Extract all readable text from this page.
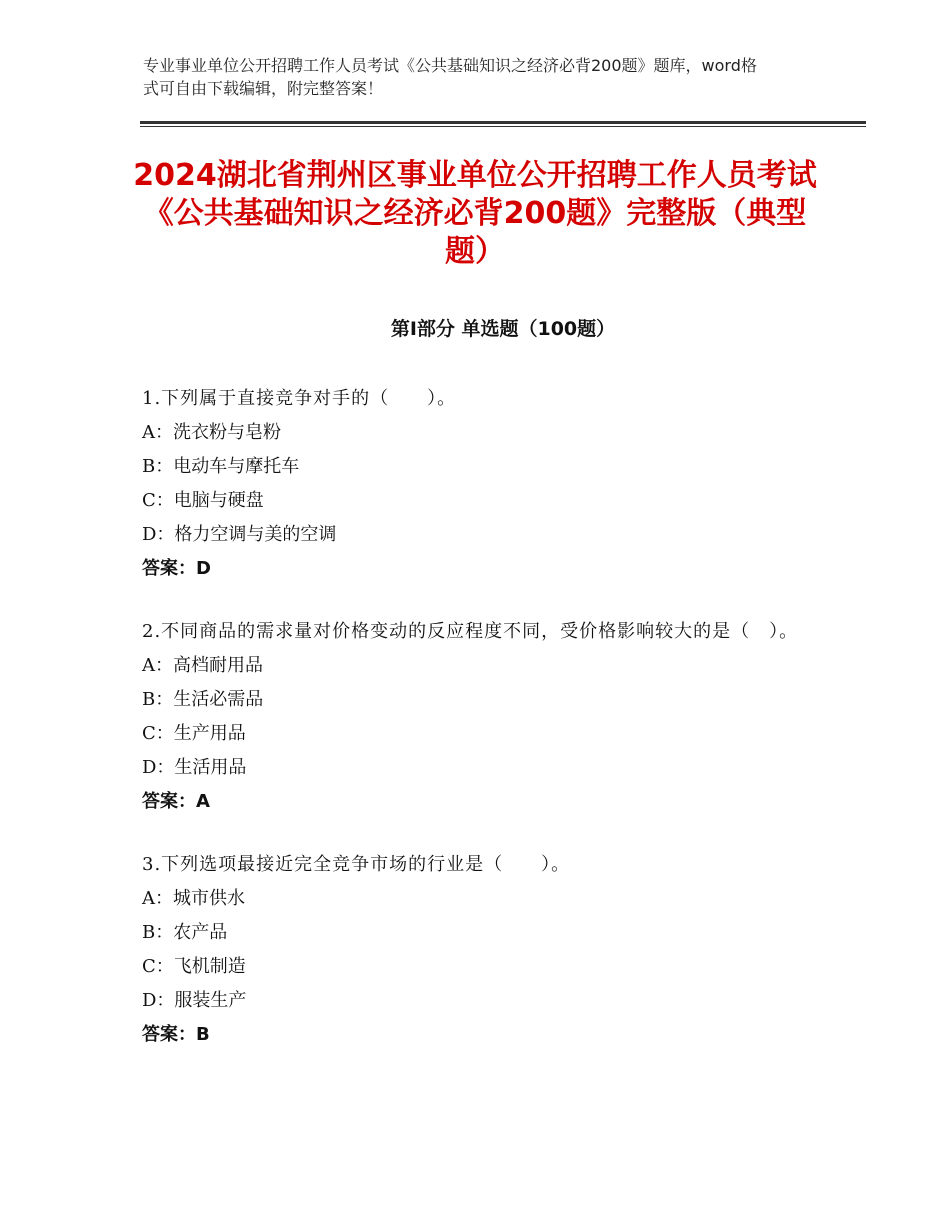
专业事业单位公开招聘工作人员考试《公共基础知识之经济必背200题》题库，word格式可自由下载编辑，附完整答案！
2024湖北省荆州区事业单位公开招聘工作人员考试《公共基础知识之经济必背200题》完整版（典型题）
第Ⅰ部分 单选题（100题）
1.下列属于直接竞争对手的（　　）。
A：洗衣粉与皂粉
B：电动车与摩托车
C：电脑与硬盘
D：格力空调与美的空调
答案：D
2.不同商品的需求量对价格变动的反应程度不同，受价格影响较大的是（　）。
A：高档耐用品
B：生活必需品
C：生产用品
D：生活用品
答案：A
3.下列选项最接近完全竞争市场的行业是（　　）。
A：城市供水
B：农产品
C：飞机制造
D：服装生产
答案：B
